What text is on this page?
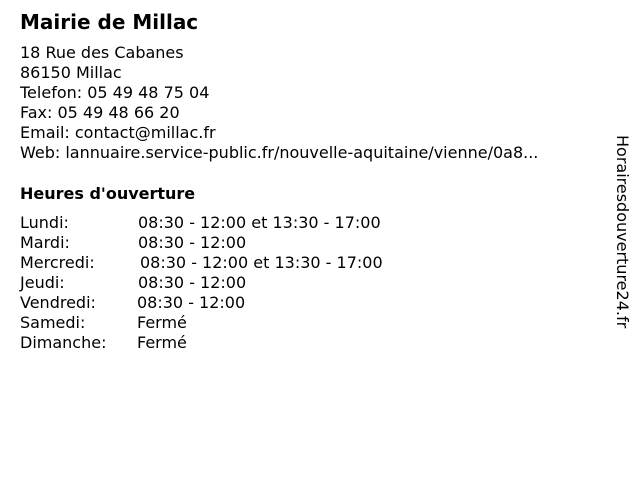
Mairie de Millac
18 Rue des Cabanes
86150 Millac
Telefon: 05 49 48 75 04
Fax: 05 49 48 66 20
Email: contact@millac.fr
Web: lannuaire.service-public.fr/nouvelle-aquitaine/vienne/0a8...
Heures d'ouverture
Lundi:	08:30 - 12:00 et 13:30 - 17:00
Mardi:	08:30 - 12:00
Mercredi:	08:30 - 12:00 et 13:30 - 17:00
Jeudi:	08:30 - 12:00
Vendredi:	08:30 - 12:00
Samedi:	Fermé
Dimanche: Fermé
Horairesdouverture24.fr
